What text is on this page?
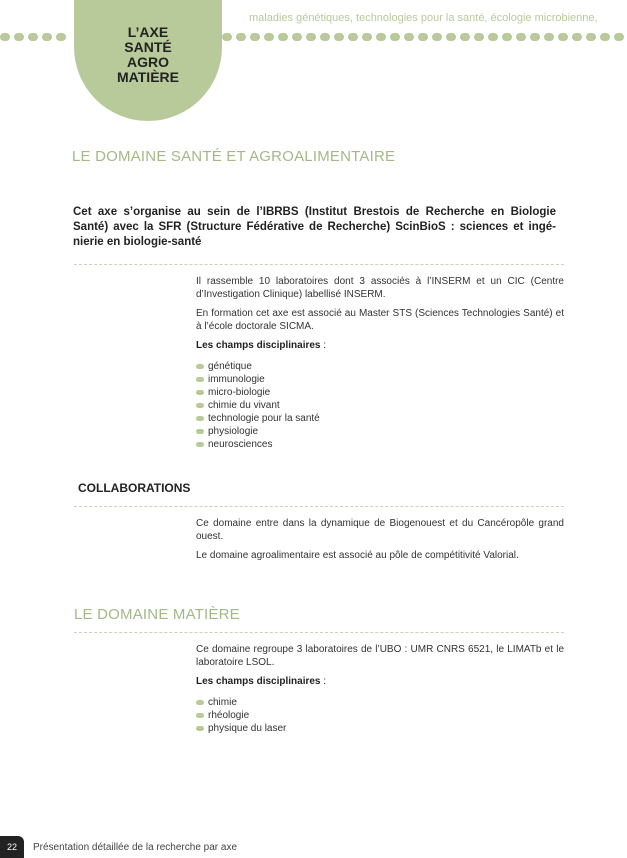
L’AXE
SANTÉ
AGRO
MATIÈRE
maladies génétiques, technologies pour la santé, écologie microbienne,
LE DOMAINE SANTÉ ET AGROALIMENTAIRE
Cet axe s’organise au sein de l’IBRBS (Institut Brestois de Recherche en Biologie Santé) avec la SFR (Structure Fédérative de Recherche) ScinBioS : sciences et ingé-nierie en biologie-santé

Il rassemble 10 laboratoires dont 3 associés à l’INSERM et un CIC (Centre d’Investigation Clinique) labellisé INSERM.

En formation cet axe est associé au Master STS (Sciences Technologies Santé) et à l’école doctorale SICMA.

Les champs disciplinaires :
génétique
immunologie
micro-biologie
chimie du vivant
technologie pour la santé
physiologie
neurosciences
COLLABORATIONS

Ce domaine entre dans la dynamique de Biogenouest et du Cancéropôle grand ouest.

Le domaine agroalimentaire est associé au pôle de compétitivité Valorial.

LE DOMAINE MATIÈRE

Ce domaine regroupe 3 laboratoires de l’UBO : UMR CNRS 6521, le LIMATb et le laboratoire LSOL.

Les champs disciplinaires :
chimie
rhéologie
physique du laser
22	Présentation détaillée de la recherche par axe
